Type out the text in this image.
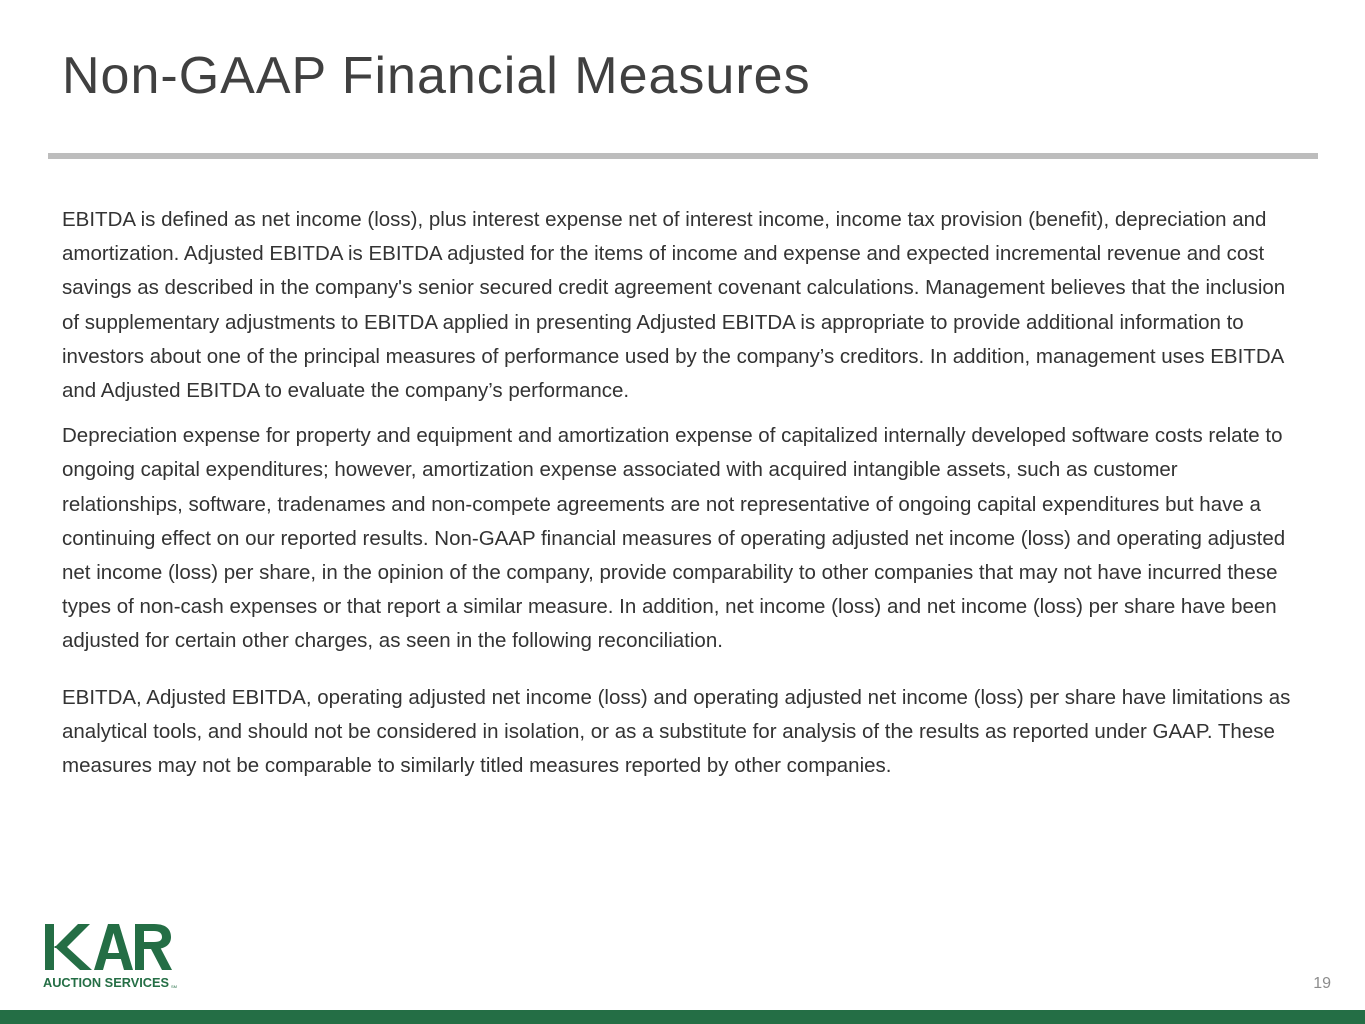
Non-GAAP Financial Measures

EBITDA is defined as net income (loss), plus interest expense net of interest income, income tax provision (benefit), depreciation and amortization. Adjusted EBITDA is EBITDA adjusted for the items of income and expense and expected incremental revenue and cost savings as described in the company's senior secured credit agreement covenant calculations. Management believes that the inclusion of supplementary adjustments to EBITDA applied in presenting Adjusted EBITDA is appropriate to provide additional information to investors about one of the principal measures of performance used by the company’s creditors. In addition, management uses EBITDA and Adjusted EBITDA to evaluate the company’s performance.

Depreciation expense for property and equipment and amortization expense of capitalized internally developed software costs relate to ongoing capital expenditures; however, amortization expense associated with acquired intangible assets, such as customer relationships, software, tradenames and non-compete agreements are not representative of ongoing capital expenditures but have a continuing effect on our reported results. Non-GAAP financial measures of operating adjusted net income (loss) and operating adjusted net income (loss) per share, in the opinion of the company, provide comparability to other companies that may not have incurred these types of non-cash expenses or that report a similar measure. In addition, net income (loss) and net income (loss) per share have been adjusted for certain other charges, as seen in the following reconciliation.

EBITDA, Adjusted EBITDA, operating adjusted net income (loss) and operating adjusted net income (loss) per share have limitations as analytical tools, and should not be considered in isolation, or as a substitute for analysis of the results as reported under GAAP. These measures may not be comparable to similarly titled measures reported by other companies.

AUCTION SERVICES SM	19
